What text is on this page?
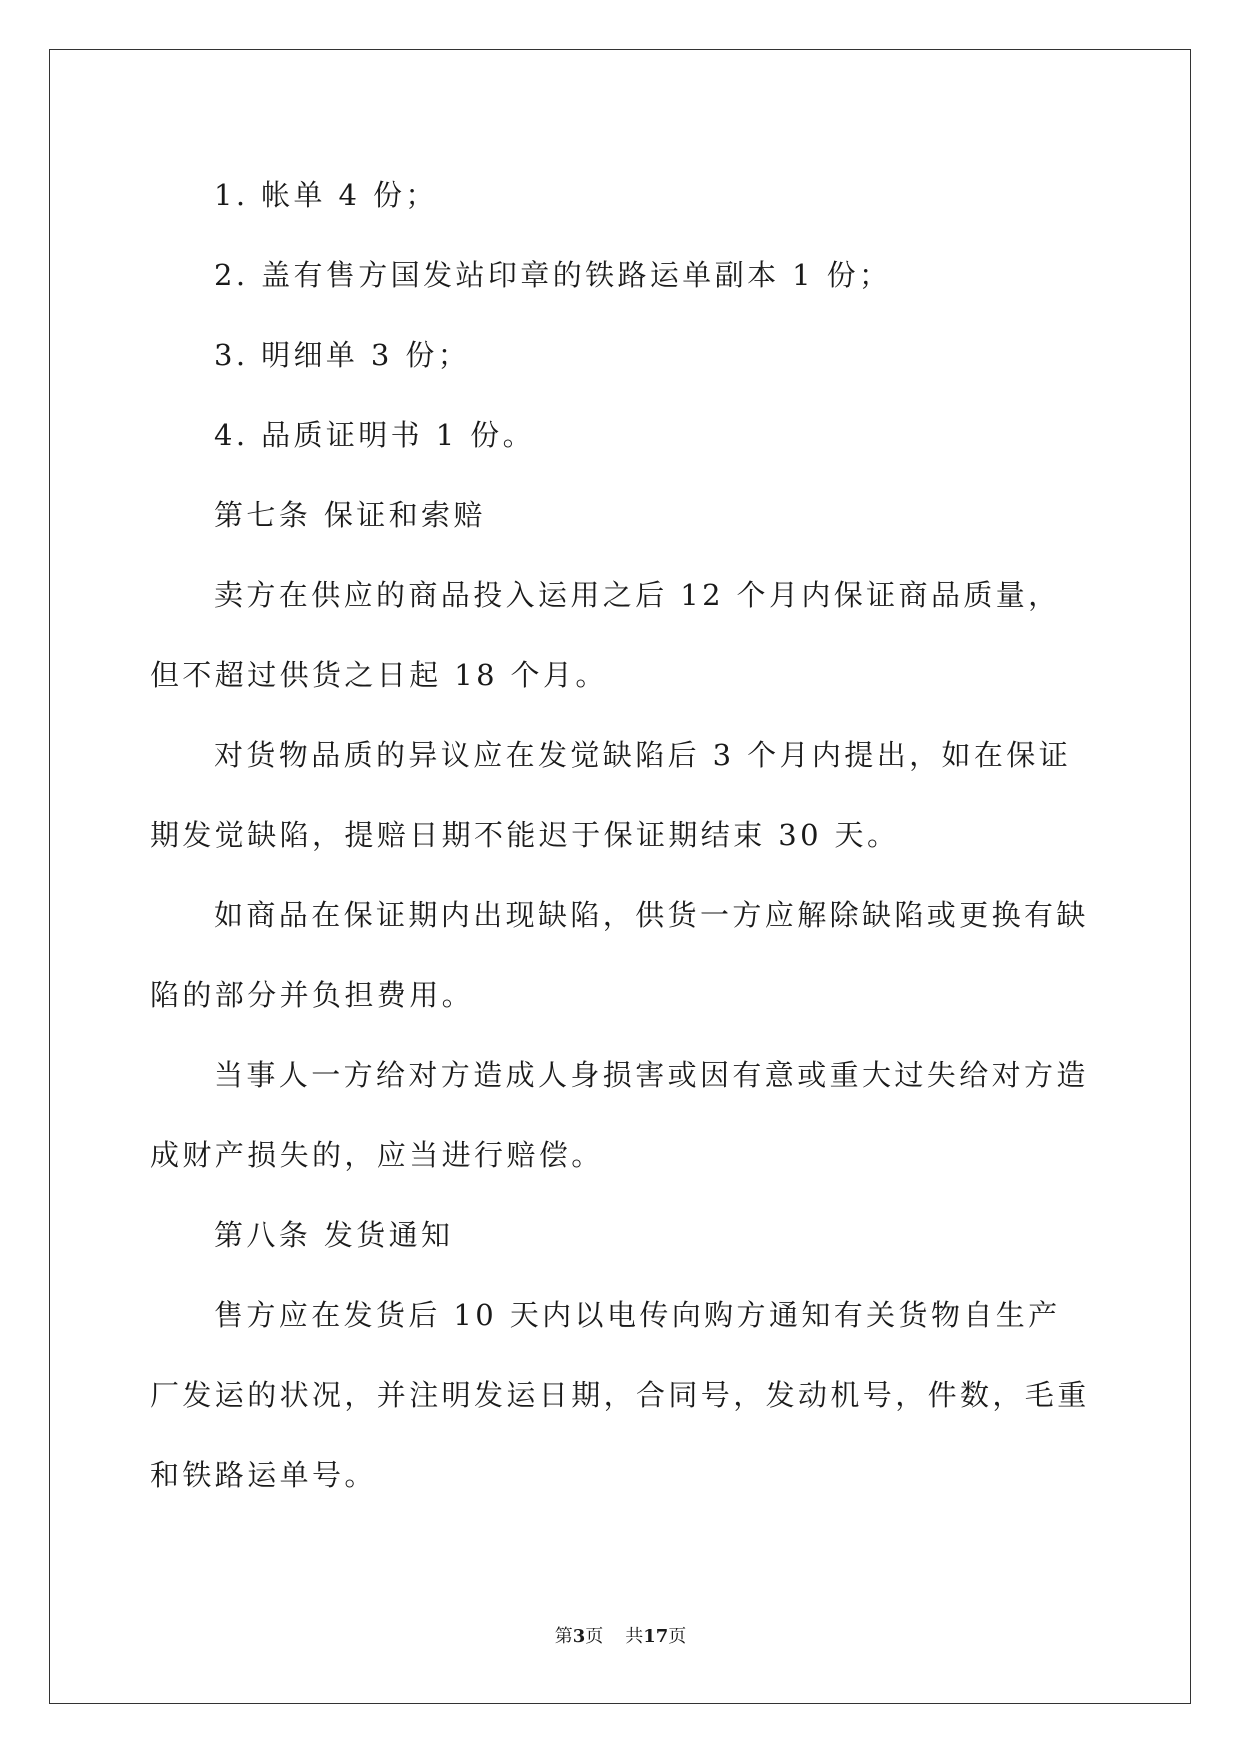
1. 帐单 4 份；

2. 盖有售方国发站印章的铁路运单副本 1 份；

3. 明细单 3 份；

4. 品质证明书 1 份。

第七条 保证和索赔

卖方在供应的商品投入运用之后 12 个月内保证商品质量，但不超过供货之日起 18 个月。

对货物品质的异议应在发觉缺陷后 3 个月内提出，如在保证期发觉缺陷，提赔日期不能迟于保证期结束 30 天。

如商品在保证期内出现缺陷，供货一方应解除缺陷或更换有缺陷的部分并负担费用。

当事人一方给对方造成人身损害或因有意或重大过失给对方造成财产损失的，应当进行赔偿。

第八条 发货通知

售方应在发货后 10 天内以电传向购方通知有关货物自生产厂发运的状况，并注明发运日期，合同号，发动机号，件数，毛重和铁路运单号。

第3页 共17页
